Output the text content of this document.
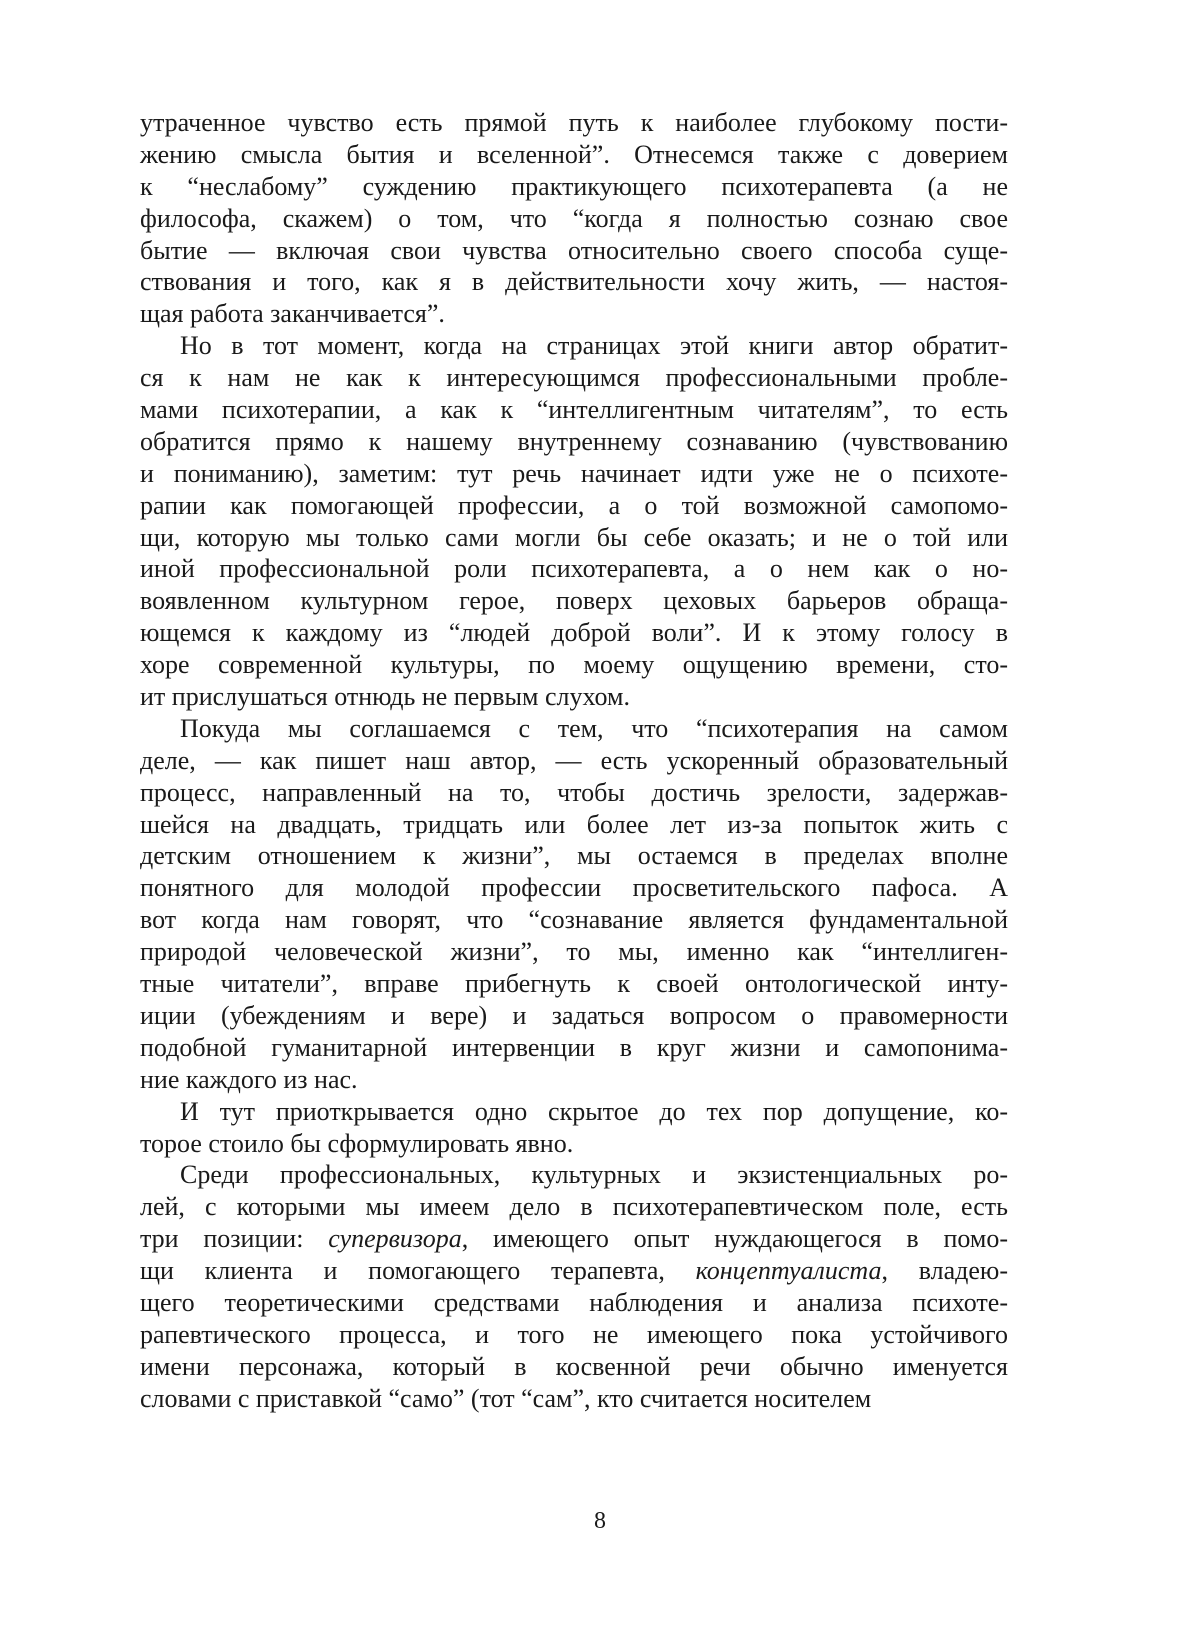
утраченное чувство есть прямой путь к наиболее глубокому пости-
жению смысла бытия и вселенной”. Отнесемся также с доверием
к “неслабому” суждению практикующего психотерапевта (а не
философа, скажем) о том, что “когда я полностью сознаю свое
бытие — включая свои чувства относительно своего способа суще-
ствования и того, как я в действительности хочу жить, — настоя-
щая работа заканчивается”.
Но в тот момент, когда на страницах этой книги автор обратит-
ся к нам не как к интересующимся профессиональными пробле-
мами психотерапии, а как к “интеллигентным читателям”, то есть
обратится прямо к нашему внутреннему сознаванию (чувствованию
и пониманию), заметим: тут речь начинает идти уже не о психоте-
рапии как помогающей профессии, а о той возможной самопомо-
щи, которую мы только сами могли бы себе оказать; и не о той или
иной профессиональной роли психотерапевта, а о нем как о но-
воявленном культурном герое, поверх цеховых барьеров обраща-
ющемся к каждому из “людей доброй воли”. И к этому голосу в
хоре современной культуры, по моему ощущению времени, сто-
ит прислушаться отнюдь не первым слухом.
Покуда мы соглашаемся с тем, что “психотерапия на самом
деле, — как пишет наш автор, — есть ускоренный образовательный
процесс, направленный на то, чтобы достичь зрелости, задержав-
шейся на двадцать, тридцать или более лет из-за попыток жить с
детским отношением к жизни”, мы остаемся в пределах вполне
понятного для молодой профессии просветительского пафоса. А
вот когда нам говорят, что “сознавание является фундаментальной
природой человеческой жизни”, то мы, именно как “интеллиген-
тные читатели”, вправе прибегнуть к своей онтологической инту-
иции (убеждениям и вере) и задаться вопросом о правомерности
подобной гуманитарной интервенции в круг жизни и самопонима-
ние каждого из нас.
И тут приоткрывается одно скрытое до тех пор допущение, ко-
торое стоило бы сформулировать явно.
Среди профессиональных, культурных и экзистенциальных ро-
лей, с которыми мы имеем дело в психотерапевтическом поле, есть
три позиции: супервизора, имеющего опыт нуждающегося в помо-
щи клиента и помогающего терапевта, концептуалиста, владею-
щего теоретическими средствами наблюдения и анализа психоте-
рапевтического процесса, и того не имеющего пока устойчивого
имени персонажа, который в косвенной речи обычно именуется
словами с приставкой “само” (тот “сам”, кто считается носителем
8
